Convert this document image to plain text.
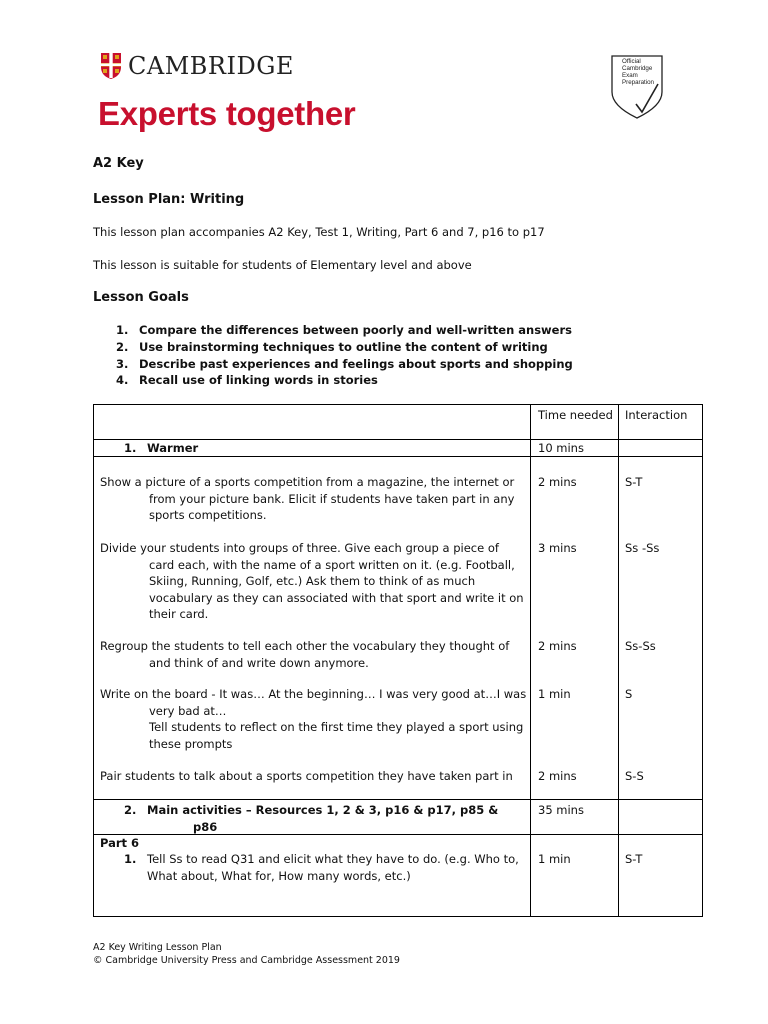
CAMBRIDGE
Experts together
Official
Cambridge
Exam
Preparation
A2 Key
Lesson Plan: Writing
This lesson plan accompanies A2 Key, Test 1, Writing, Part 6 and 7, p16 to p17
This lesson is suitable for students of Elementary level and above
Lesson Goals
1. Compare the differences between poorly and well-written answers
2. Use brainstorming techniques to outline the content of writing
3. Describe past experiences and feelings about sports and shopping
4. Recall use of linking words in stories
Time needed Interaction
1. Warmer	10 mins
Show a picture of a sports competition from a magazine, the internet or
from your picture bank. Elicit if students have taken part in any sports competitions.
2 mins	S-T
Divide your students into groups of three. Give each group a piece of
card each, with the name of a sport written on it. (e.g. Football, Skiing, Running, Golf, etc.) Ask them to think of as much vocabulary as they can associated with that sport and write it on their card.
3 mins	Ss -Ss
Regroup the students to tell each other the vocabulary they thought of
and think of and write down anymore.
2 mins	Ss-Ss
Write on the board - It was… At the beginning… I was very good at…I was
very bad at…
Tell students to reflect on the first time they played a sport using these prompts
1 min	S
Pair students to talk about a sports competition they have taken part in	2 mins	S-S
2. Main activities – Resources 1, 2 & 3, p16 & p17, p85 &
p86
35 mins
Part 6
1. Tell Ss to read Q31 and elicit what they have to do. (e.g. Who to, What about, What for, How many words, etc.)
1 min	S-T
A2 Key Writing Lesson Plan
© Cambridge University Press and Cambridge Assessment 2019
